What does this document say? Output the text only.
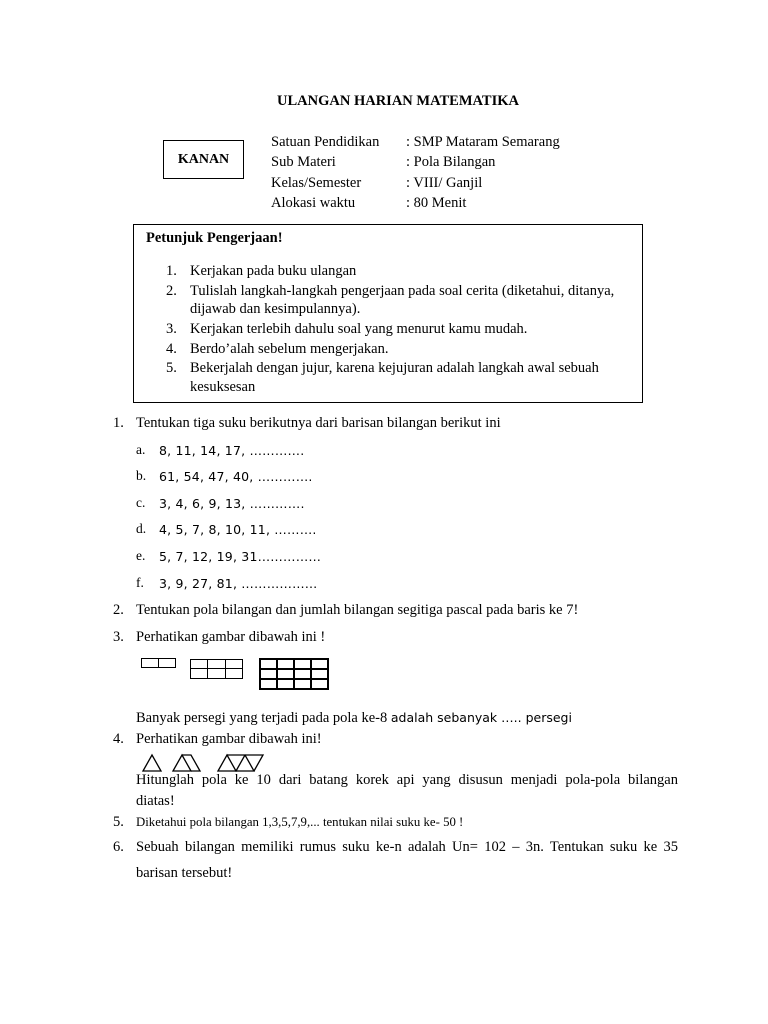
ULANGAN HARIAN MATEMATIKA
KANAN
Satuan Pendidikan : SMP Mataram Semarang
Sub Materi	: Pola Bilangan
Kelas/Semester	: VIII/ Ganjil
Alokasi waktu	: 80 Menit
Petunjuk Pengerjaan!
1. Kerjakan pada buku ulangan
2. Tulislah langkah-langkah pengerjaan pada soal cerita (diketahui, ditanya,
dijawab dan kesimpulannya).
3. Kerjakan terlebih dahulu soal yang menurut kamu mudah.
4. Berdo’alah sebelum mengerjakan.
5. Bekerjalah dengan jujur, karena kejujuran adalah langkah awal sebuah
kesuksesan
1. Tentukan tiga suku berikutnya dari barisan bilangan berikut ini
a. 8, 11, 14, 17, ………….
b. 61, 54, 47, 40, ………….
c. 3, 4, 6, 9, 13, ………….
d. 4, 5, 7, 8, 10, 11, ……….
e. 5, 7, 12, 19, 31……………
f. 3, 9, 27, 81, ………………
2. Tentukan pola bilangan dan jumlah bilangan segitiga pascal pada baris ke 7!
3. Perhatikan gambar dibawah ini !
Banyak persegi yang terjadi pada pola ke-8 adalah sebanyak ….. persegi
4. Perhatikan gambar dibawah ini!
Hitunglah pola ke 10 dari batang korek api yang disusun menjadi pola-pola bilangan
diatas!
5. Diketahui pola bilangan 1,3,5,7,9,... tentukan nilai suku ke- 50 !
6. Sebuah bilangan memiliki rumus suku ke-n adalah Un= 102 – 3n. Tentukan suku ke 35
barisan tersebut!
